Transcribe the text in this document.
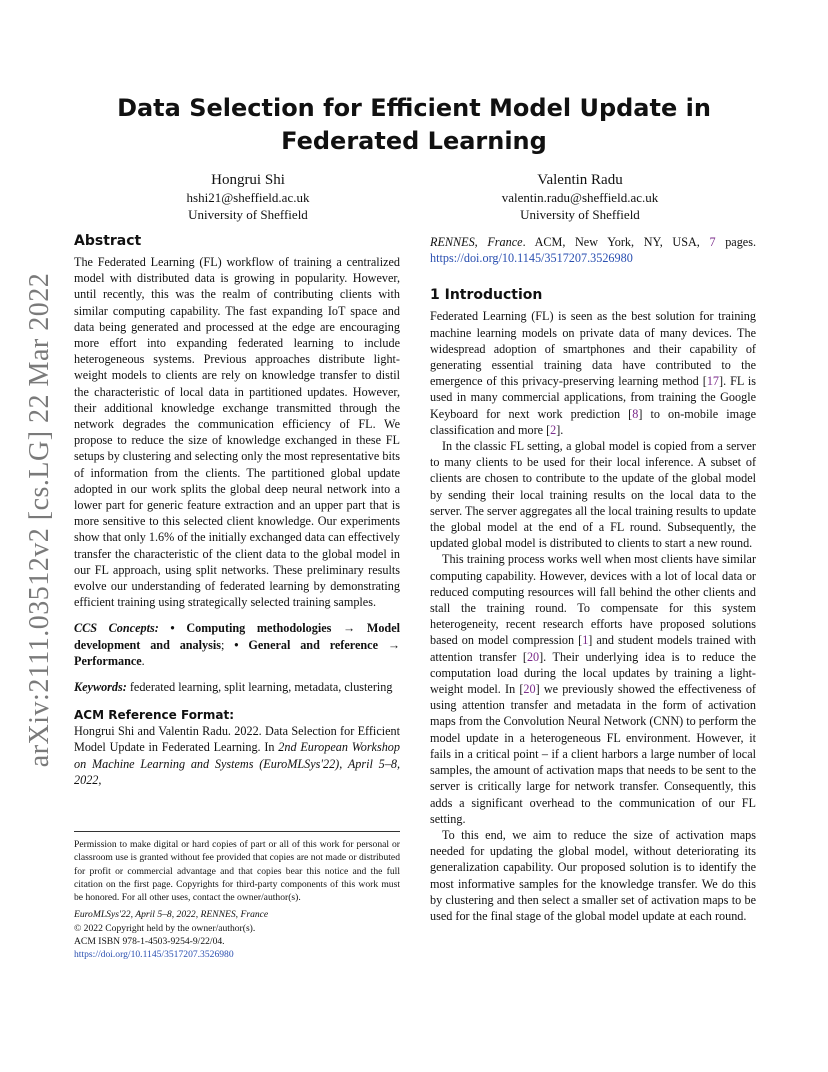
arXiv:2111.03512v2 [cs.LG] 22 Mar 2022
Data Selection for Efficient Model Update in Federated Learning
Hongrui Shi
hshi21@sheffield.ac.uk
University of Sheffield
Valentin Radu
valentin.radu@sheffield.ac.uk
University of Sheffield
Abstract

The Federated Learning (FL) workflow of training a centralized model with distributed data is growing in popularity. However, until recently, this was the realm of contributing clients with similar computing capability. The fast expanding IoT space and data being generated and processed at the edge are encouraging more effort into expanding federated learning to include heterogeneous systems. Previous approaches distribute light-weight models to clients are rely on knowledge transfer to distil the characteristic of local data in partitioned updates. However, their additional knowledge exchange transmitted through the network degrades the communication efficiency of FL. We propose to reduce the size of knowledge exchanged in these FL setups by clustering and selecting only the most representative bits of information from the clients. The partitioned global update adopted in our work splits the global deep neural network into a lower part for generic feature extraction and an upper part that is more sensitive to this selected client knowledge. Our experiments show that only 1.6% of the initially exchanged data can effectively transfer the characteristic of the client data to the global model in our FL approach, using split networks. These preliminary results evolve our understanding of federated learning by demonstrating efficient training using strategically selected training samples.

CCS Concepts: • Computing methodologies → Model development and analysis; • General and reference → Performance.

Keywords: federated learning, split learning, metadata, clustering

ACM Reference Format:

Hongrui Shi and Valentin Radu. 2022. Data Selection for Efficient Model Update in Federated Learning. In 2nd European Workshop on Machine Learning and Systems (EuroMLSys'22), April 5–8, 2022,

Permission to make digital or hard copies of part or all of this work for personal or classroom use is granted without fee provided that copies are not made or distributed for profit or commercial advantage and that copies bear this notice and the full citation on the first page. Copyrights for third-party components of this work must be honored. For all other uses, contact the owner/author(s).

EuroMLSys'22, April 5–8, 2022, RENNES, France

© 2022 Copyright held by the owner/author(s).

ACM ISBN 978-1-4503-9254-9/22/04.

https://doi.org/10.1145/3517207.3526980

RENNES, France. ACM, New York, NY, USA, 7 pages. https://doi.org/10.1145/3517207.3526980

1 Introduction

Federated Learning (FL) is seen as the best solution for training machine learning models on private data of many devices. The widespread adoption of smartphones and their capability of generating essential training data have contributed to the emergence of this privacy-preserving learning method [17]. FL is used in many commercial applications, from training the Google Keyboard for next work prediction [8] to on-mobile image classification and more [2].

In the classic FL setting, a global model is copied from a server to many clients to be used for their local inference. A subset of clients are chosen to contribute to the update of the global model by sending their local training results on the local data to the server. The server aggregates all the local training results to update the global model at the end of a FL round. Subsequently, the updated global model is distributed to clients to start a new round.

This training process works well when most clients have similar computing capability. However, devices with a lot of local data or reduced computing resources will fall behind the other clients and stall the training round. To compensate for this system heterogeneity, recent research efforts have proposed solutions based on model compression [1] and student models trained with attention transfer [20]. Their underlying idea is to reduce the computation load during the local updates by training a light-weight model. In [20] we previously showed the effectiveness of using attention transfer and metadata in the form of activation maps from the Convolution Neural Network (CNN) to perform the model update in a heterogeneous FL environment. However, it fails in a critical point – if a client harbors a large number of local samples, the amount of activation maps that needs to be sent to the server is critically large for network transfer. Consequently, this adds a significant overhead to the communication of our FL setting.

To this end, we aim to reduce the size of activation maps needed for updating the global model, without deteriorating its generalization capability. Our proposed solution is to identify the most informative samples for the knowledge transfer. We do this by clustering and then select a smaller set of activation maps to be used for the final stage of the global model update at each round.
